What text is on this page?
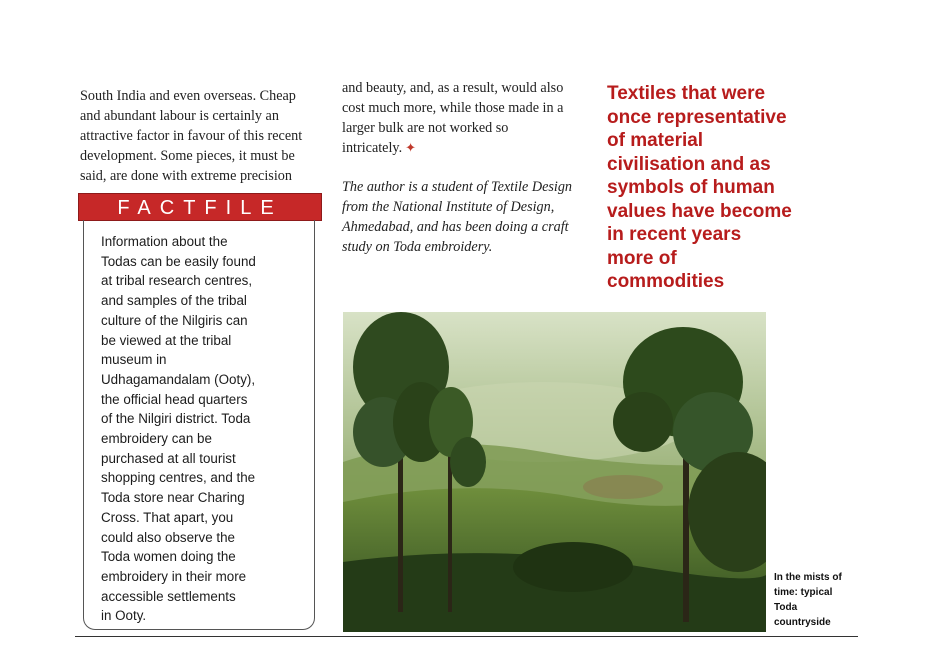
South India and even overseas. Cheap
and abundant labour is certainly an
attractive factor in favour of this recent
development. Some pieces, it must be
said, are done with extreme precision
and beauty, and, as a result, would also
cost much more, while those made in a
larger bulk are not worked so
intricately. ✦
The author is a student of Textile Design
from the National Institute of Design,
Ahmedabad, and has been doing a craft
study on Toda embroidery.
Textiles that were
once representative
of material
civilisation and as
symbols of human
values have become
in recent years
more of
commodities
FACTFILE
Information about the
Todas can be easily found
at tribal research centres,
and samples of the tribal
culture of the Nilgiris can
be viewed at the tribal
museum in
Udhagamandalam (Ooty),
the official head quarters
of the Nilgiri district. Toda
embroidery can be
purchased at all tourist
shopping centres, and the
Toda store near Charing
Cross. That apart, you
could also observe the
Toda women doing the
embroidery in their more
accessible settlements
in Ooty.
In the mists of
time: typical
Toda
countryside
